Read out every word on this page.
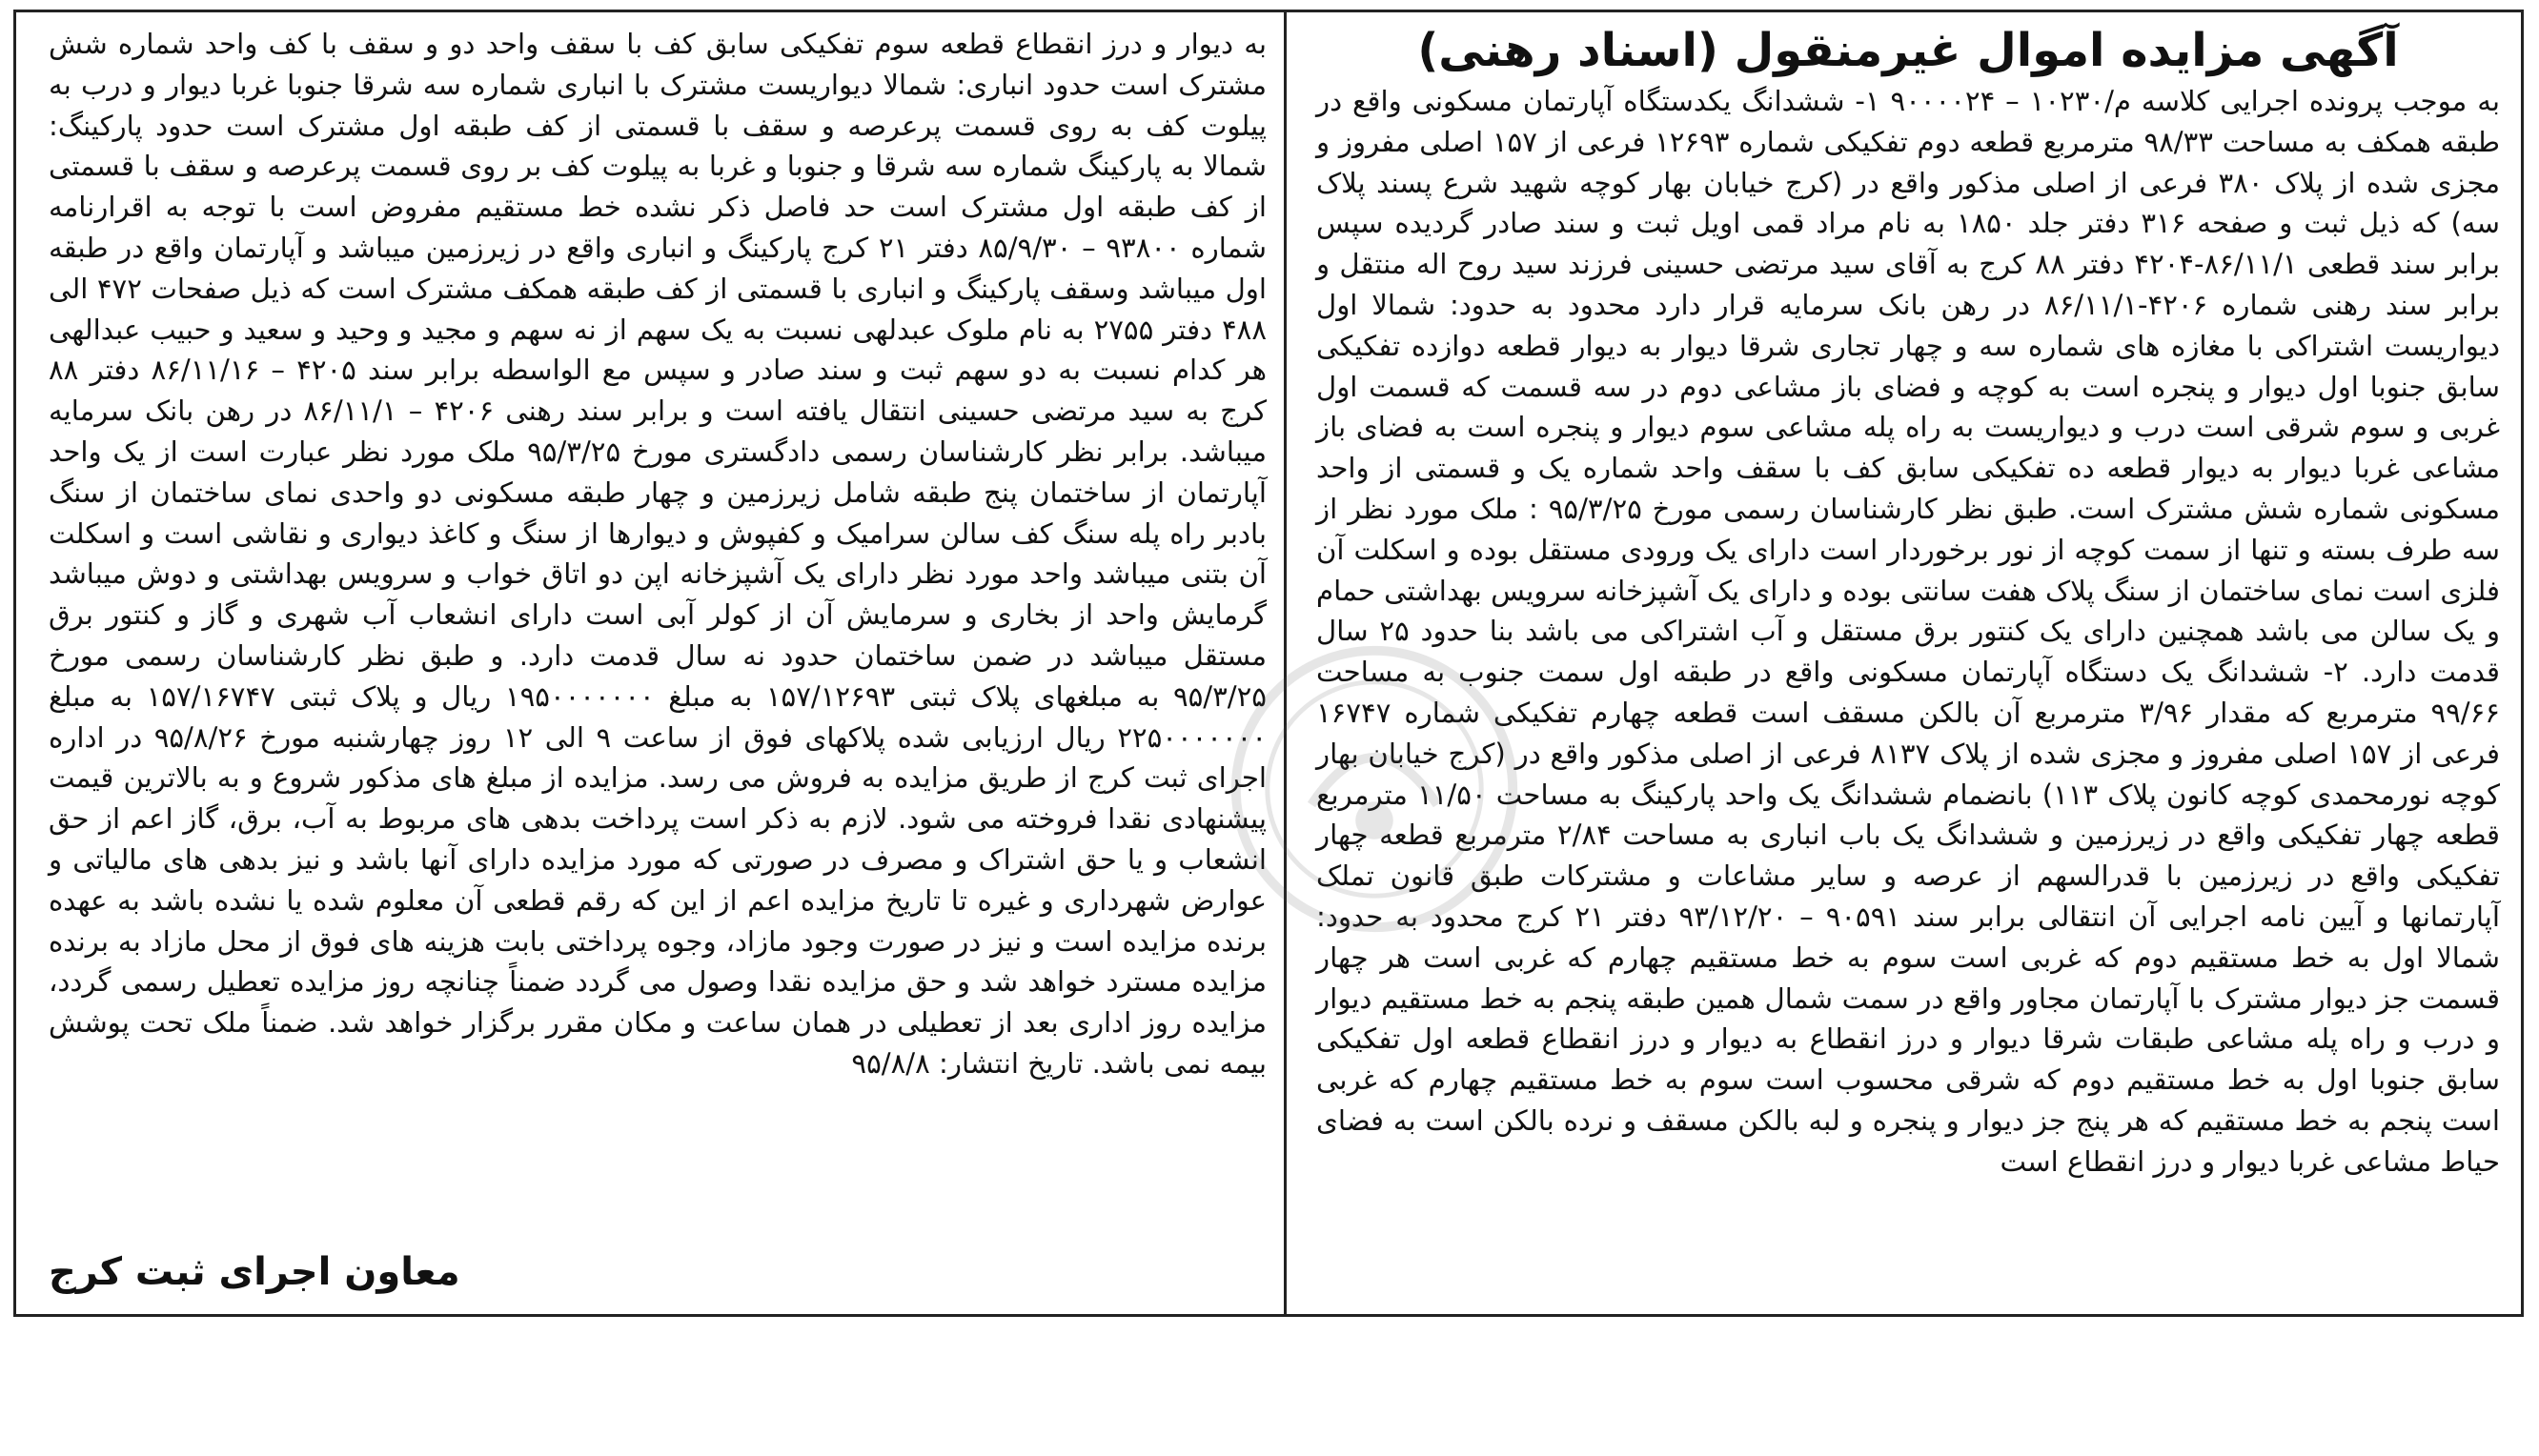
آگهی مزایده اموال غیرمنقول (اسناد رهنی)

به موجب پرونده اجرایی کلاسه م/۱۰۲۳۰ – ۹۰۰۰۰۲۴ ۱- ششدانگ یکدستگاه آپارتمان مسکونی واقع در طبقه همکف به مساحت ۹۸/۳۳ مترمربع قطعه دوم تفکیکی شماره ۱۲۶۹۳ فرعی از ۱۵۷ اصلی مفروز و مجزی شده از پلاک ۳۸۰ فرعی از اصلی مذکور واقع در (کرج خیابان بهار کوچه شهید شرع پسند پلاک سه) که ذیل ثبت و صفحه ۳۱۶ دفتر جلد ۱۸۵۰ به نام مراد قمی اویل ثبت و سند صادر گردیده سپس برابر سند قطعی ۸۶/۱۱/۱-۴۲۰۴ دفتر ۸۸ کرج به آقای سید مرتضی حسینی فرزند سید روح اله منتقل و برابر سند رهنی شماره ۴۲۰۶-۸۶/۱۱/۱ در رهن بانک سرمایه قرار دارد محدود به حدود: شمالا اول دیواریست اشتراکی با مغازه های شماره سه و چهار تجاری شرقا دیوار به دیوار قطعه دوازده تفکیکی سابق جنوبا اول دیوار و پنجره است به کوچه و فضای باز مشاعی دوم در سه قسمت که قسمت اول غربی و سوم شرقی است درب و دیواریست به راه پله مشاعی سوم دیوار و پنجره است به فضای باز مشاعی غربا دیوار به دیوار قطعه ده تفکیکی سابق کف با سقف واحد شماره یک و قسمتی از واحد مسکونی شماره شش مشترک است. طبق نظر کارشناسان رسمی مورخ ۹۵/۳/۲۵ : ملک مورد نظر از سه طرف بسته و تنها از سمت کوچه از نور برخوردار است دارای یک ورودی مستقل بوده و اسکلت آن فلزی است نمای ساختمان از سنگ پلاک هفت سانتی بوده و دارای یک آشپزخانه سرویس بهداشتی حمام و یک سالن می باشد همچنین دارای یک کنتور برق مستقل و آب اشتراکی می باشد بنا حدود ۲۵ سال قدمت دارد. ۲- ششدانگ یک دستگاه آپارتمان مسکونی واقع در طبقه اول سمت جنوب به مساحت ۹۹/۶۶ مترمربع که مقدار ۳/۹۶ مترمربع آن بالکن مسقف است قطعه چهارم تفکیکی شماره ۱۶۷۴۷ فرعی از ۱۵۷ اصلی مفروز و مجزی شده از پلاک ۸۱۳۷ فرعی از اصلی مذکور واقع در (کرج خیابان بهار کوچه نورمحمدی کوچه کانون پلاک ۱۱۳) بانضمام ششدانگ یک واحد پارکینگ به مساحت ۱۱/۵۰ مترمربع قطعه چهار تفکیکی واقع در زیرزمین و ششدانگ یک باب انباری به مساحت ۲/۸۴ مترمربع قطعه چهار تفکیکی واقع در زیرزمین با قدرالسهم از عرصه و سایر مشاعات و مشترکات طبق قانون تملک آپارتمانها و آیین نامه اجرایی آن انتقالی برابر سند ۹۰۵۹۱ – ۹۳/۱۲/۲۰ دفتر ۲۱ کرج محدود به حدود: شمالا اول به خط مستقیم دوم که غربی است سوم به خط مستقیم چهارم که غربی است هر چهار قسمت جز دیوار مشترک با آپارتمان مجاور واقع در سمت شمال همین طبقه پنجم به خط مستقیم دیوار و درب و راه پله مشاعی طبقات شرقا دیوار و درز انقطاع به دیوار و درز انقطاع قطعه اول تفکیکی سابق جنوبا اول به خط مستقیم دوم که شرقی محسوب است سوم به خط مستقیم چهارم که غربی است پنجم به خط مستقیم که هر پنج جز دیوار و پنجره و لبه بالکن مسقف و نرده بالکن است به فضای حیاط مشاعی غربا دیوار و درز انقطاع است

به دیوار و درز انقطاع قطعه سوم تفکیکی سابق کف با سقف واحد دو و سقف با کف واحد شماره شش مشترک است حدود انباری: شمالا دیواریست مشترک با انباری شماره سه شرقا جنوبا غربا دیوار و درب به پیلوت کف به روی قسمت پرعرصه و سقف با قسمتی از کف طبقه اول مشترک است حدود پارکینگ: شمالا به پارکینگ شماره سه شرقا و جنوبا و غربا به پیلوت کف بر روی قسمت پرعرصه و سقف با قسمتی از کف طبقه اول مشترک است حد فاصل ذکر نشده خط مستقیم مفروض است با توجه به اقرارنامه شماره ۹۳۸۰۰ – ۸۵/۹/۳۰ دفتر ۲۱ کرج پارکینگ و انباری واقع در زیرزمین میباشد و آپارتمان واقع در طبقه اول میباشد وسقف پارکینگ و انباری با قسمتی از کف طبقه همکف مشترک است که ذیل صفحات ۴۷۲ الی ۴۸۸ دفتر ۲۷۵۵ به نام ملوک عبدلهی نسبت به یک سهم از نه سهم و مجید و وحید و سعید و حبیب عبدالهی هر کدام نسبت به دو سهم ثبت و سند صادر و سپس مع الواسطه برابر سند ۴۲۰۵ – ۸۶/۱۱/۱۶ دفتر ۸۸ کرج به سید مرتضی حسینی انتقال یافته است و برابر سند رهنی ۴۲۰۶ – ۸۶/۱۱/۱ در رهن بانک سرمایه میباشد. برابر نظر کارشناسان رسمی دادگستری مورخ ۹۵/۳/۲۵ ملک مورد نظر عبارت است از یک واحد آپارتمان از ساختمان پنج طبقه شامل زیرزمین و چهار طبقه مسکونی دو واحدی نمای ساختمان از سنگ بادبر راه پله سنگ کف سالن سرامیک و کفپوش و دیوارها از سنگ و کاغذ دیواری و نقاشی است و اسکلت آن بتنی میباشد واحد مورد نظر دارای یک آشپزخانه اپن دو اتاق خواب و سرویس بهداشتی و دوش میباشد گرمایش واحد از بخاری و سرمایش آن از کولر آبی است دارای انشعاب آب شهری و گاز و کنتور برق مستقل میباشد در ضمن ساختمان حدود نه سال قدمت دارد. و طبق نظر کارشناسان رسمی مورخ ۹۵/۳/۲۵ به مبلغهای پلاک ثبتی ۱۵۷/۱۲۶۹۳ به مبلغ ۱۹۵۰۰۰۰۰۰۰ ریال و پلاک ثبتی ۱۵۷/۱۶۷۴۷ به مبلغ ۲۲۵۰۰۰۰۰۰۰ ریال ارزیابی شده پلاکهای فوق از ساعت ۹ الی ۱۲ روز چهارشنبه مورخ ۹۵/۸/۲۶ در اداره اجرای ثبت کرج از طریق مزایده به فروش می رسد. مزایده از مبلغ های مذکور شروع و به بالاترین قیمت پیشنهادی نقدا فروخته می شود. لازم به ذکر است پرداخت بدهی های مربوط به آب، برق، گاز اعم از حق انشعاب و یا حق اشتراک و مصرف در صورتی که مورد مزایده دارای آنها باشد و نیز بدهی های مالیاتی و عوارض شهرداری و غیره تا تاریخ مزایده اعم از این که رقم قطعی آن معلوم شده یا نشده باشد به عهده برنده مزایده است و نیز در صورت وجود مازاد، وجوه پرداختی بابت هزینه های فوق از محل مازاد به برنده مزایده مسترد خواهد شد و حق مزایده نقدا وصول می گردد ضمناً چنانچه روز مزایده تعطیل رسمی گردد، مزایده روز اداری بعد از تعطیلی در همان ساعت و مکان مقرر برگزار خواهد شد. ضمناً ملک تحت پوشش بیمه نمی باشد. تاریخ انتشار: ۹۵/۸/۸

معاون اجرای ثبت کرج
